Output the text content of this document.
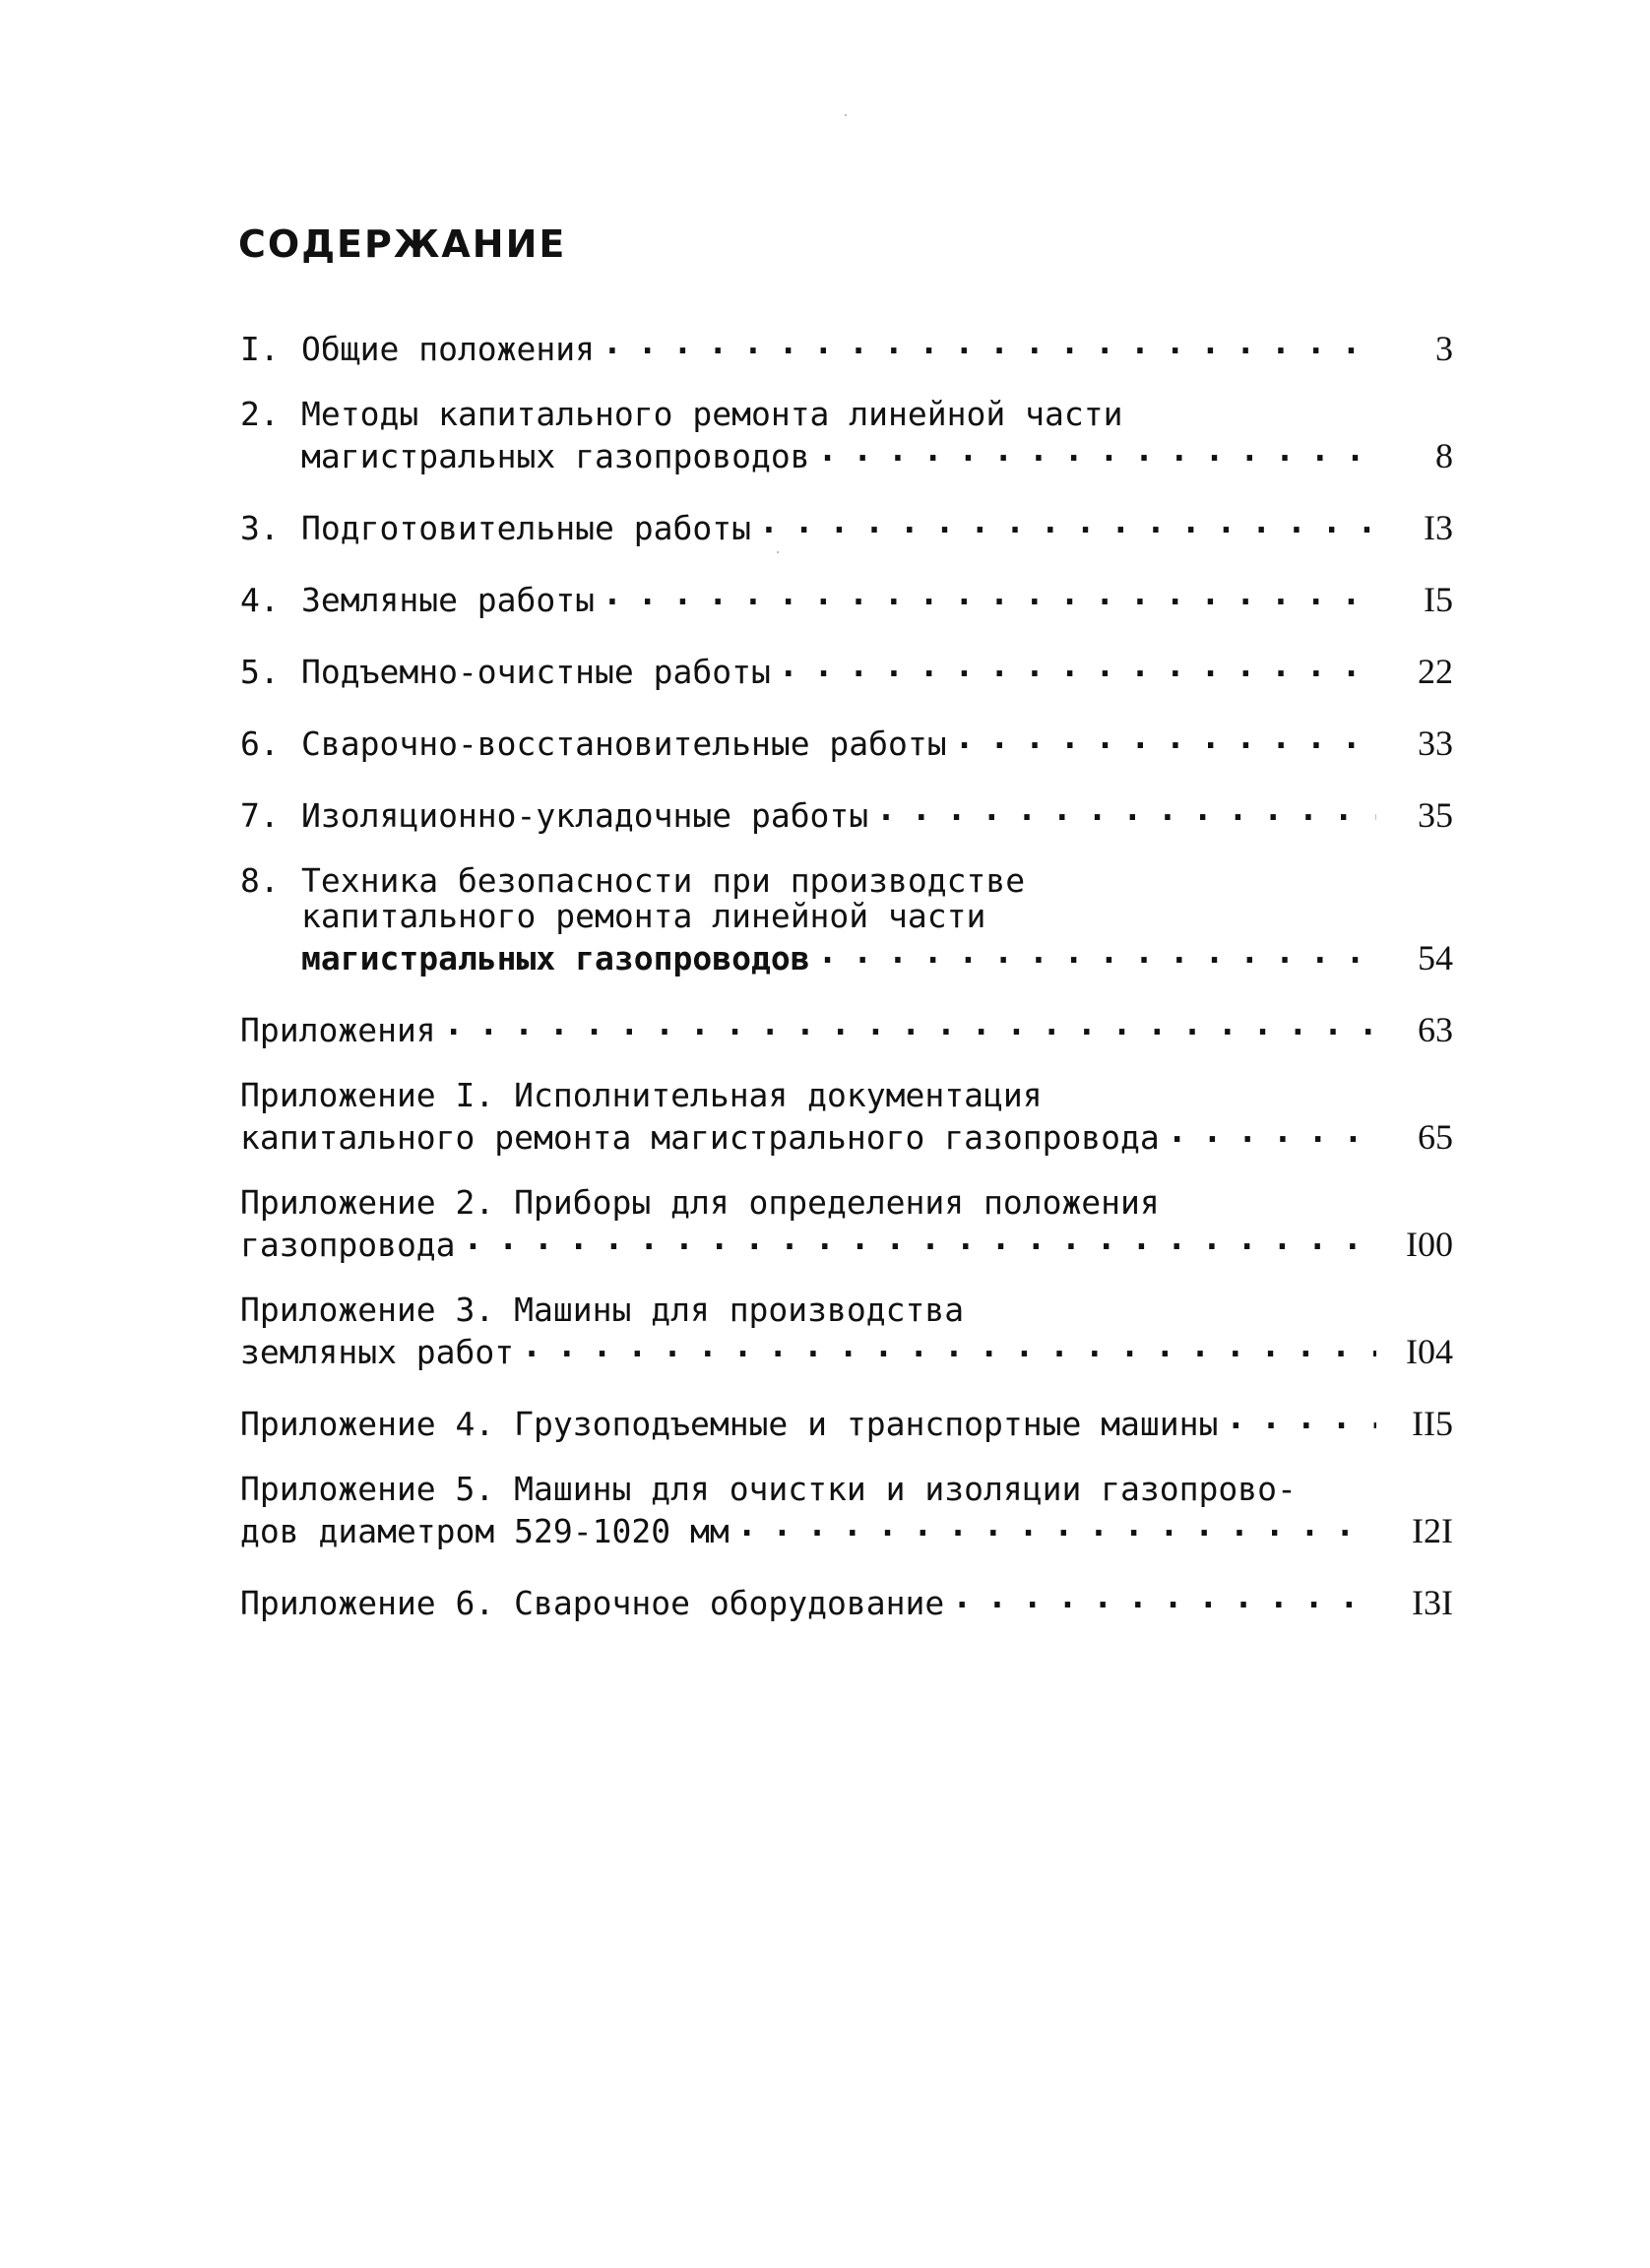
СОДЕРЖАНИЕ
I. Общие положения . . .	3
2. Методы капитального ремонта линейной части
магистральных газопроводов . . .	8
3. Подготовительные работы . . .	I3
4. Земляные работы . . .	I5
5. Подъемно-очистные работы . . .	22
6. Сварочно-восстановительные работы . . .	33
7. Изоляционно-укладочные работы . . .	35
8. Техника безопасности при производстве
капитального ремонта линейной части
магистральных газопроводов . . .	54
Приложения . . .	63
Приложение I. Исполнительная документация
капитального ремонта магистрального газопровода . . .	65
Приложение 2. Приборы для определения положения
газопровода . . .	I00
Приложение 3. Машины для производства
земляных работ . . .	I04
Приложение 4. Грузоподъемные и транспортные машины . . .	II5
Приложение 5. Машины для очистки и изоляции газопрово-
дов диаметром 529-1020 мм . . .	I2I
Приложение 6. Сварочное оборудование . . .	I3I
